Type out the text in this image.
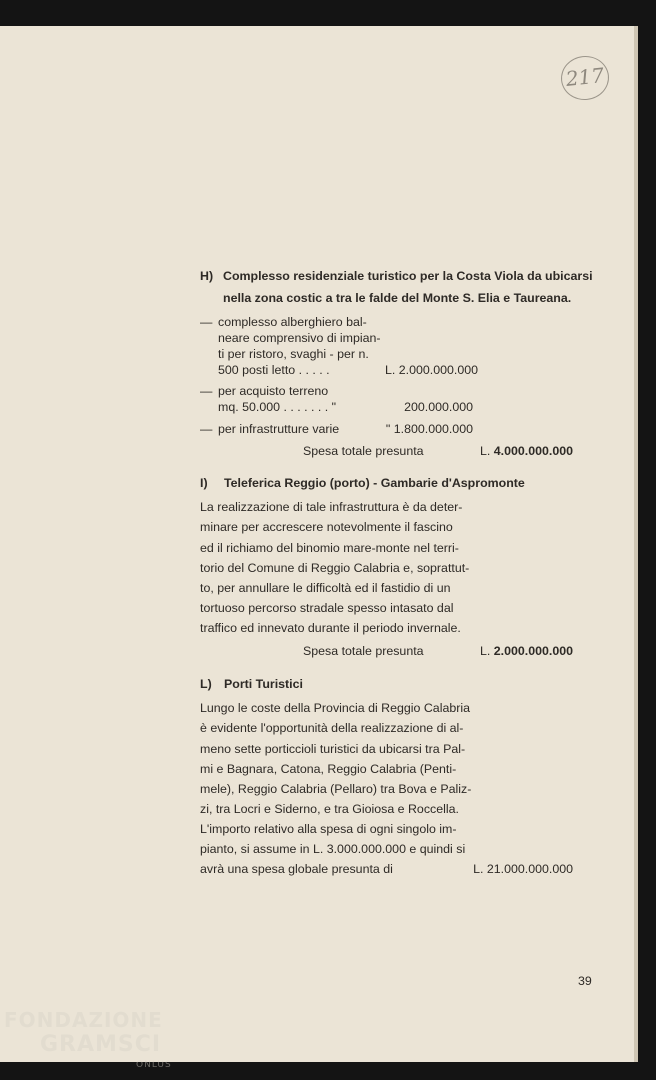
217
H) Complesso residenziale turistico per la Costa Viola da ubicarsi
nella zona costic a tra le falde del Monte S. Elia e Taureana.
— complesso alberghiero bal-
neare comprensivo di impian-
ti per ristoro, svaghi - per n.
500 posti letto . . . . .	L. 2.000.000.000
— per acquisto terreno
mq. 50.000 . . . . . . . "	200.000.000
— per infrastrutture varie	" 1.800.000.000
Spesa totale presunta	L. 4.000.000.000
I) Teleferica Reggio (porto) - Gambarie d'Aspromonte
La realizzazione di tale infrastruttura è da deter-
minare per accrescere notevolmente il fascino
ed il richiamo del binomio mare-monte nel terri-
torio del Comune di Reggio Calabria e, soprattut-
to, per annullare le difficoltà ed il fastidio di un
tortuoso percorso stradale spesso intasato dal
traffico ed innevato durante il periodo invernale.
Spesa totale presunta	L. 2.000.000.000
L) Porti Turistici
Lungo le coste della Provincia di Reggio Calabria
è evidente l'opportunità della realizzazione di al-
meno sette porticcioli turistici da ubicarsi tra Pal-
mi e Bagnara, Catona, Reggio Calabria (Penti-
mele), Reggio Calabria (Pellaro) tra Bova e Paliz-
zi, tra Locri e Siderno, e tra Gioiosa e Roccella.
L'importo relativo alla spesa di ogni singolo im-
pianto, si assume in L. 3.000.000.000 e quindi si
avrà una spesa globale presunta di	L. 21.000.000.000
39
FONDAZIONE
GRAMSCI
ONLUS
